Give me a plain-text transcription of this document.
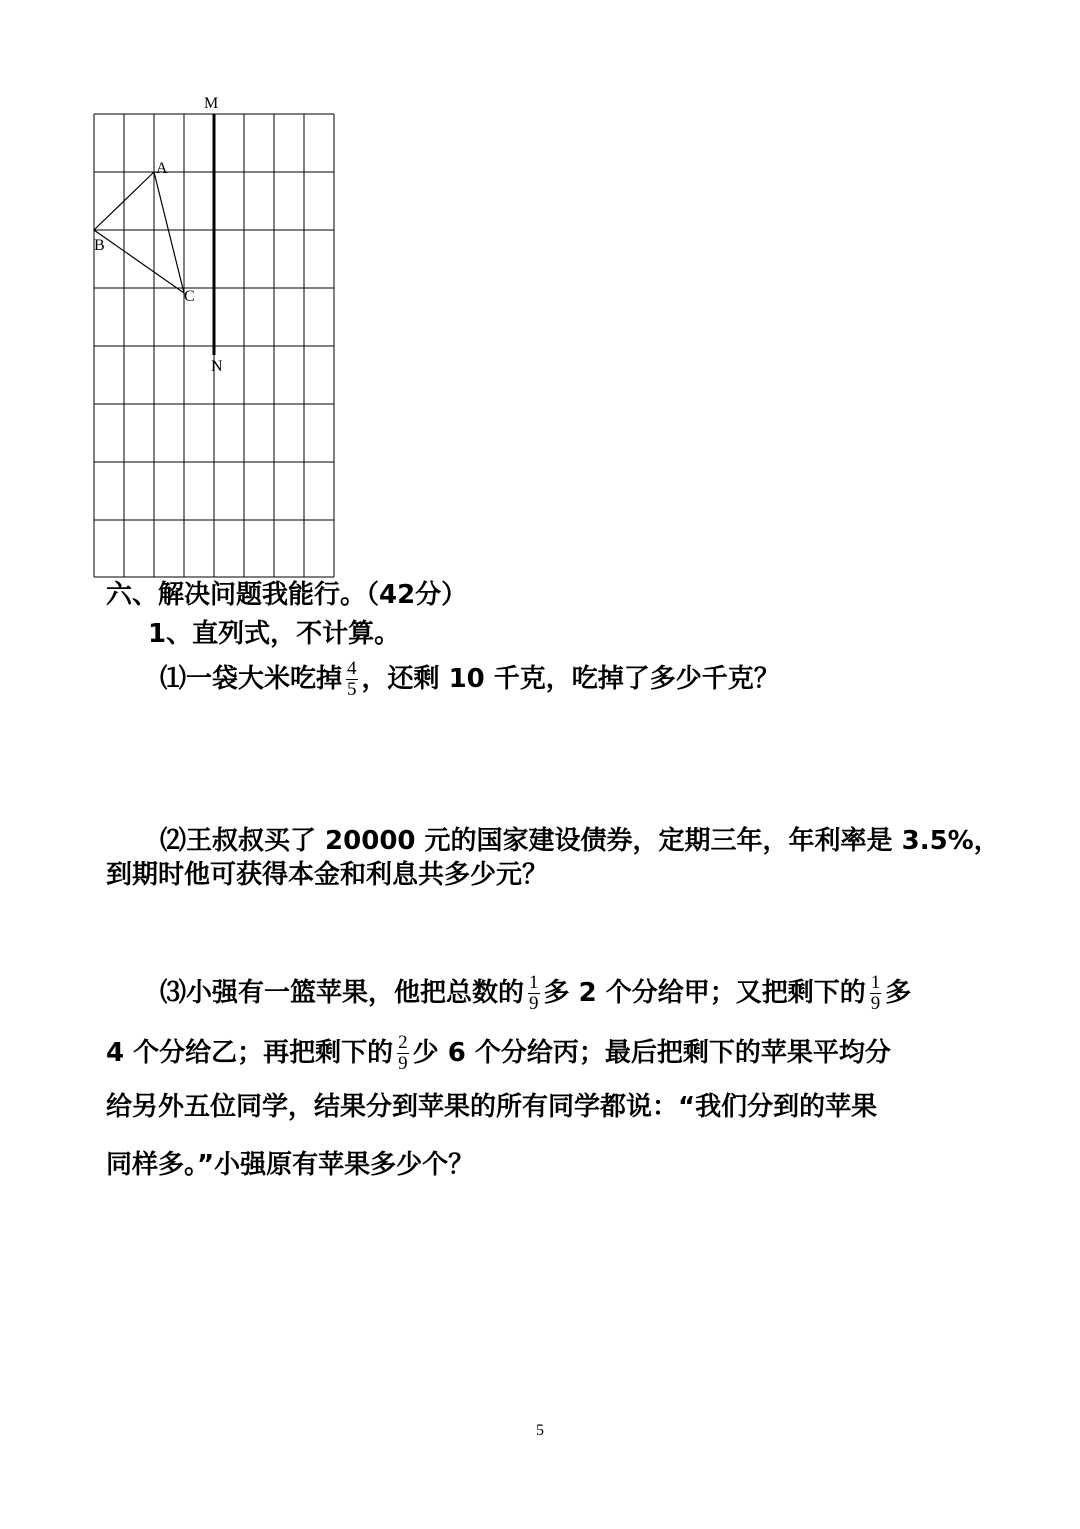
M
A
B
C
N
六、解决问题我能行。（42分）
1、直列式，不计算。
⑴一袋大米吃掉 $\frac{4}{5}$ ，还剩 10 千克，吃掉了多少千克？
⑵王叔叔买了 20000 元的国家建设债券，定期三年，年利率是 3.5%，
到期时他可获得本金和利息共多少元？
⑶小强有一篮苹果，他把总数的 $\frac{1}{9}$ 多 2 个分给甲；又把剩下的 $\frac{1}{9}$ 多
4 个分给乙；再把剩下的 $\frac{2}{9}$ 少 6 个分给丙；最后把剩下的苹果平均分
给另外五位同学，结果分到苹果的所有同学都说：“我们分到的苹果
同样多。”小强原有苹果多少个？
5
